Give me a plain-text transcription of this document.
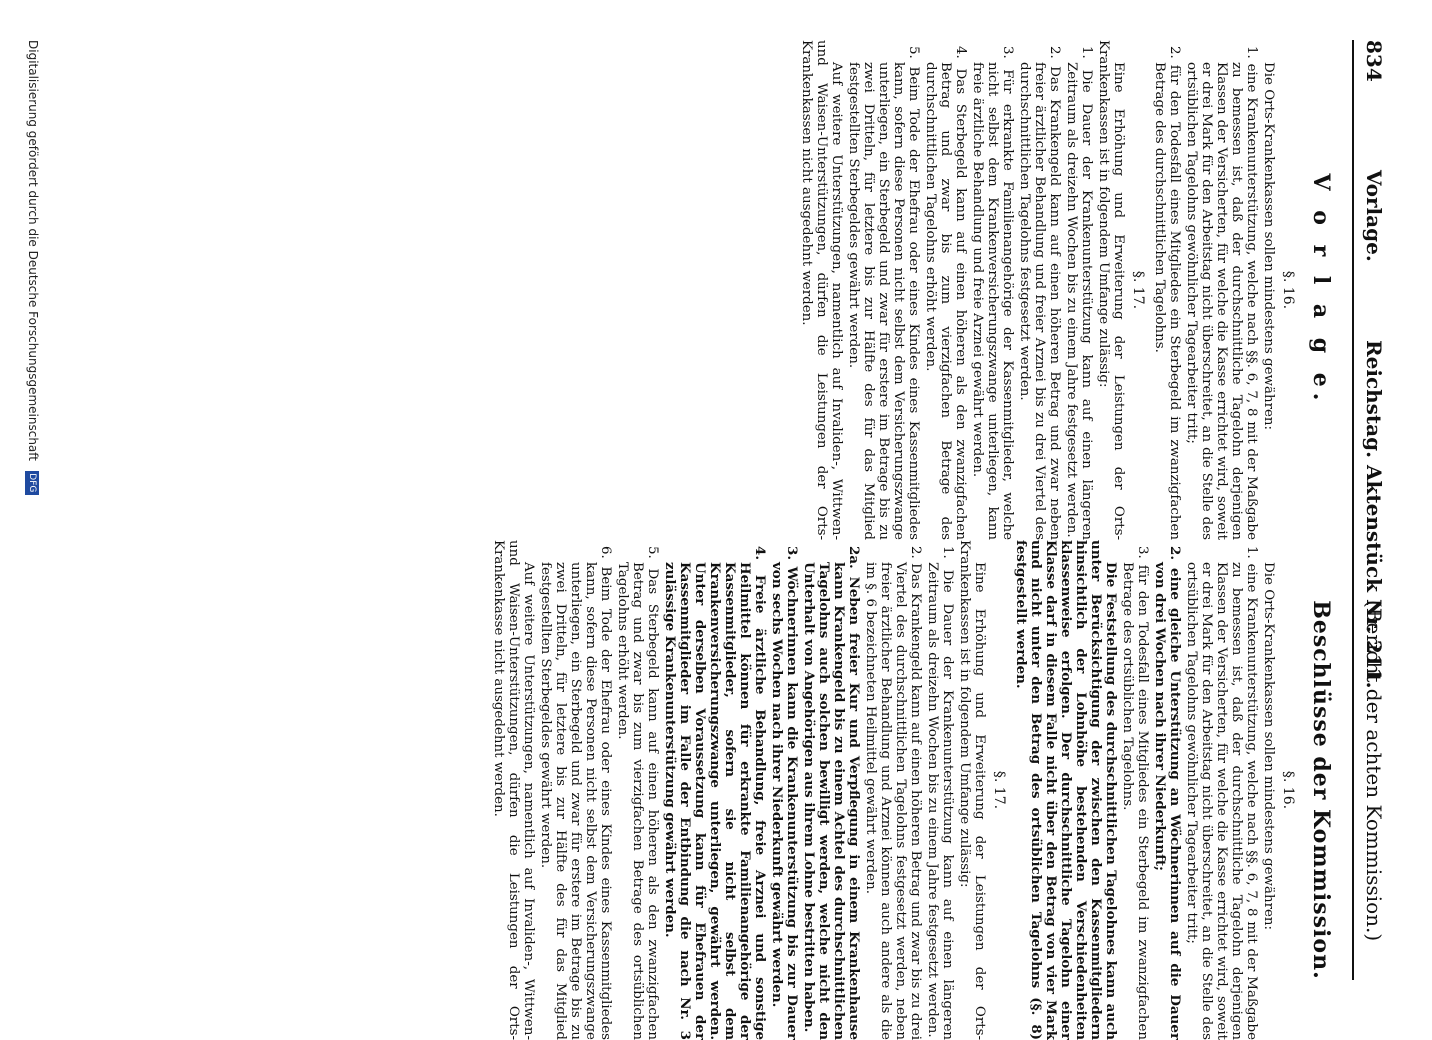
834
Vorlage.
Reichstag. Aktenstück Nr. 211.
(Bericht der achten Kommission.)
V o r l a g e.
§. 16.

Die Orts-Krankenkassen sollen mindestens gewähren:

1. eine Krankenunterstützung, welche nach §§. 6, 7, 8 mit der Maßgabe zu bemessen ist, daß der durchschnittliche Tagelohn derjenigen Klassen der Versicherten, für welche die Kasse errichtet wird, soweit er drei Mark für den Arbeitstag nicht überschreitet, an die Stelle des ortsüblichen Tagelohns gewöhnlicher Tagearbeiter tritt;

2. für den Todesfall eines Mitgliedes ein Sterbegeld im zwanzigfachen Betrage des durchschnittlichen Tagelohns.

§. 17.

Eine Erhöhung und Erweiterung der Leistungen der Orts-Krankenkassen ist in folgendem Umfange zulässig:

1. Die Dauer der Krankenunterstützung kann auf einen längeren Zeitraum als dreizehn Wochen bis zu einem Jahre festgesetzt werden.

2. Das Krankengeld kann auf einen höheren Betrag und zwar neben freier ärztlicher Behandlung und freier Arznei bis zu drei Viertel des durchschnittlichen Tagelohns festgesetzt werden.

3. Für erkrankte Familienangehörige der Kassenmitglieder, welche nicht selbst dem Krankenversicherungszwange unterliegen, kann freie ärztliche Behandlung und freie Arznei gewährt werden.

4. Das Sterbegeld kann auf einen höheren als den zwanzigfachen Betrag und zwar bis zum vierzigfachen Betrage des durchschnittlichen Tagelohns erhöht werden.

5. Beim Tode der Ehefrau oder eines Kindes eines Kassenmitgliedes kann, sofern diese Personen nicht selbst dem Versicherungszwange unterliegen, ein Sterbegeld und zwar für erstere im Betrage bis zu zwei Dritteln, für letztere bis zur Hälfte des für das Mitglied festgestellten Sterbegeldes gewährt werden.

Auf weitere Unterstützungen, namentlich auf Invaliden-, Wittwen- und Waisen-Unterstützungen, dürfen die Leistungen der Orts-Krankenkassen nicht ausgedehnt werden.

Beschlüsse der Kommission.
§. 16.

Die Orts-Krankenkassen sollen mindestens gewähren:

1. eine Krankenunterstützung, welche nach §§. 6, 7, 8 mit der Maßgabe zu bemessen ist, daß der durchschnittliche Tagelohn derjenigen Klassen der Versicherten, für welche die Kasse errichtet wird, soweit er drei Mark für den Arbeitstag nicht überschreitet, an die Stelle des ortsüblichen Tagelohns gewöhnlicher Tagearbeiter tritt;

2. eine gleiche Unterstützung an Wöchnerinnen auf die Dauer von drei Wochen nach ihrer Niederkunft;

3. für den Todesfall eines Mitgliedes ein Sterbegeld im zwanzigfachen Betrage des ortsüblichen Tagelohns.

Die Feststellung des durchschnittlichen Tagelohnes kann auch unter Berücksichtigung der zwischen den Kassenmitgliedern hinsichtlich der Lohnhöhe bestehenden Verschiedenheiten klassenweise erfolgen. Der durchschnittliche Tagelohn einer Klasse darf in diesem Falle nicht über den Betrag von vier Mark und nicht unter den Betrag des ortsüblichen Tagelohns (§. 8) festgestellt werden.

§. 17.

Eine Erhöhung und Erweiterung der Leistungen der Orts-Krankenkassen ist in folgendem Umfange zulässig:

1. Die Dauer der Krankenunterstützung kann auf einen längeren Zeitraum als dreizehn Wochen bis zu einem Jahre festgesetzt werden.

2. Das Krankengeld kann auf einen höheren Betrag und zwar bis zu drei Viertel des durchschnittlichen Tagelohns festgesetzt werden, neben freier ärztlicher Behandlung und Arznei können auch andere als die im §. 6 bezeichneten Heilmittel gewährt werden.

2a. Neben freier Kur und Verpflegung in einem Krankenhause kann Krankengeld bis zu einem Achtel des durchschnittlichen Tagelohns auch solchen bewilligt werden, welche nicht den Unterhalt von Angehörigen aus ihrem Lohne bestritten haben.

3. Wöchnerinnen kann die Krankenunterstützung bis zur Dauer von sechs Wochen nach ihrer Niederkunft gewährt werden.

4. Freie ärztliche Behandlung, freie Arznei und sonstige Heilmittel können für erkrankte Familienangehörige der Kassenmitglieder, sofern sie nicht selbst dem Krankenversicherungszwange unterliegen, gewährt werden. Unter derselben Voraussetzung kann für Ehefrauen der Kassenmitglieder im Falle der Entbindung die nach Nr. 3 zulässige Krankenunterstützung gewährt werden.

5. Das Sterbegeld kann auf einen höheren als den zwanzigfachen Betrag und zwar bis zum vierzigfachen Betrage des ortsüblichen Tagelohns erhöht werden.

6. Beim Tode der Ehefrau oder eines Kindes eines Kassenmitgliedes kann, sofern diese Personen nicht selbst dem Versicherungszwange unterliegen, ein Sterbegeld und zwar für erstere im Betrage bis zu zwei Dritteln, für letztere bis zur Hälfte des für das Mitglied festgestellten Sterbegeldes gewährt werden.

Auf weitere Unterstützungen, namentlich auf Invaliden-, Wittwen- und Waisen-Unterstützungen, dürfen die Leistungen der Orts-Krankenkasse nicht ausgedehnt werden.

Digitalisierung gefördert durch die Deutsche Forschungsgemeinschaft DFG
